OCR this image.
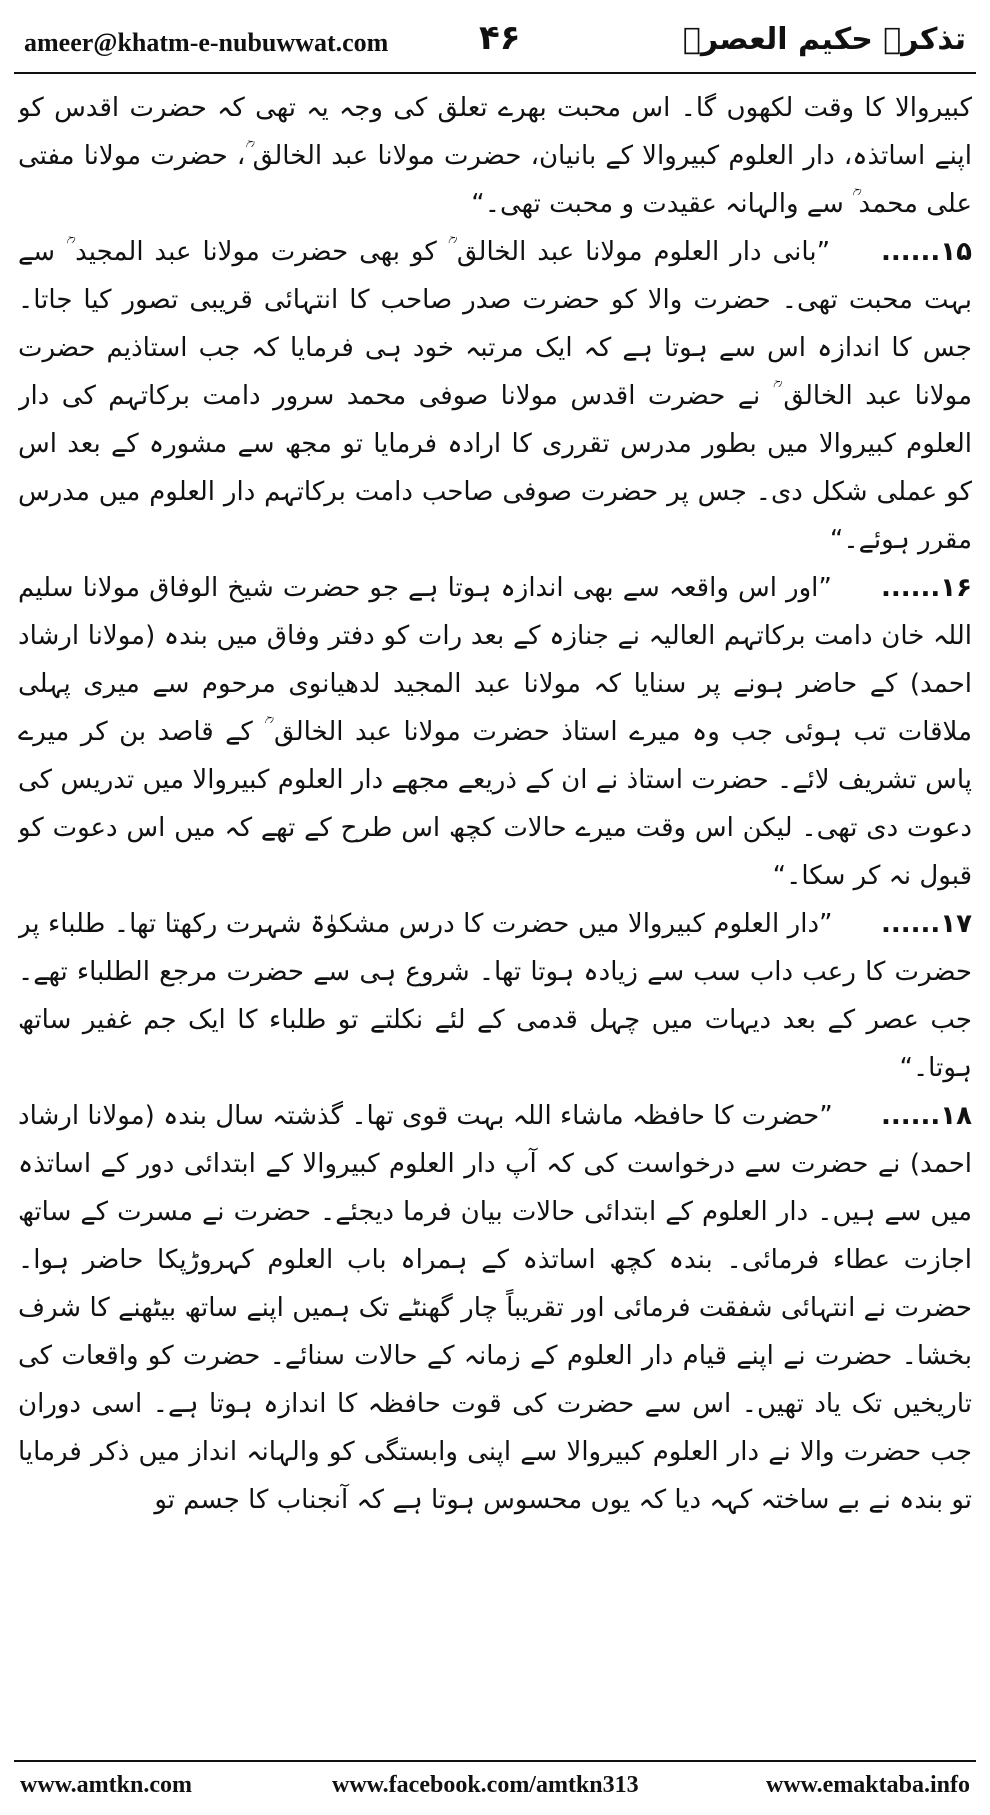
ameer@khatm-e-nubuwwat.com	۴۶	تذکرہ حکیم العصرؒ

کبیروالا کا وقت لکھوں گا۔ اس محبت بھرے تعلق کی وجہ یہ تھی کہ حضرت اقدس کو اپنے اساتذہ، دار العلوم کبیروالا کے بانیان، حضرت مولانا عبد الخالق ؒ، حضرت مولانا مفتی علی محمد ؒ سے والہانہ عقیدت و محبت تھی۔“

۱۵...... ”بانی دار العلوم مولانا عبد الخالق ؒ کو بھی حضرت مولانا عبد المجید ؒ سے بہت محبت تھی۔ حضرت والا کو حضرت صدر صاحب کا انتہائی قریبی تصور کیا جاتا۔ جس کا اندازہ اس سے ہوتا ہے کہ ایک مرتبہ خود ہی فرمایا کہ جب استاذیم حضرت مولانا عبد الخالق ؒ نے حضرت اقدس مولانا صوفی محمد سرور دامت برکاتہم کی دار العلوم کبیروالا میں بطور مدرس تقرری کا ارادہ فرمایا تو مجھ سے مشورہ کے بعد اس کو عملی شکل دی۔ جس پر حضرت صوفی صاحب دامت برکاتہم دار العلوم میں مدرس مقرر ہوئے۔“

۱۶...... ”اور اس واقعہ سے بھی اندازہ ہوتا ہے جو حضرت شیخ الوفاق مولانا سلیم اللہ خان دامت برکاتہم العالیہ نے جنازہ کے بعد رات کو دفتر وفاق میں بندہ (مولانا ارشاد احمد) کے حاضر ہونے پر سنایا کہ مولانا عبد المجید لدھیانوی مرحوم سے میری پہلی ملاقات تب ہوئی جب وہ میرے استاذ حضرت مولانا عبد الخالق ؒ کے قاصد بن کر میرے پاس تشریف لائے۔ حضرت استاذ نے ان کے ذریعے مجھے دار العلوم کبیروالا میں تدریس کی دعوت دی تھی۔ لیکن اس وقت میرے حالات کچھ اس طرح کے تھے کہ میں اس دعوت کو قبول نہ کر سکا۔“

۱۷...... ”دار العلوم کبیروالا میں حضرت کا درس مشکوٰۃ شہرت رکھتا تھا۔ طلباء پر حضرت کا رعب داب سب سے زیادہ ہوتا تھا۔ شروع ہی سے حضرت مرجع الطلباء تھے۔ جب عصر کے بعد دیہات میں چہل قدمی کے لئے نکلتے تو طلباء کا ایک جم غفیر ساتھ ہوتا۔“

۱۸...... ”حضرت کا حافظہ ماشاء اللہ بہت قوی تھا۔ گذشتہ سال بندہ (مولانا ارشاد احمد) نے حضرت سے درخواست کی کہ آپ دار العلوم کبیروالا کے ابتدائی دور کے اساتذہ میں سے ہیں۔ دار العلوم کے ابتدائی حالات بیان فرما دیجئے۔ حضرت نے مسرت کے ساتھ اجازت عطاء فرمائی۔ بندہ کچھ اساتذہ کے ہمراہ باب العلوم کہروڑپکا حاضر ہوا۔ حضرت نے انتہائی شفقت فرمائی اور تقریباً چار گھنٹے تک ہمیں اپنے ساتھ بیٹھنے کا شرف بخشا۔ حضرت نے اپنے قیام دار العلوم کے زمانہ کے حالات سنائے۔ حضرت کو واقعات کی تاریخیں تک یاد تھیں۔ اس سے حضرت کی قوت حافظہ کا اندازہ ہوتا ہے۔ اسی دوران جب حضرت والا نے دار العلوم کبیروالا سے اپنی وابستگی کو والہانہ انداز میں ذکر فرمایا تو بندہ نے بے ساختہ کہہ دیا کہ یوں محسوس ہوتا ہے کہ آنجناب کا جسم تو

www.amtkn.com	www.facebook.com/amtkn313	www.emaktaba.info
